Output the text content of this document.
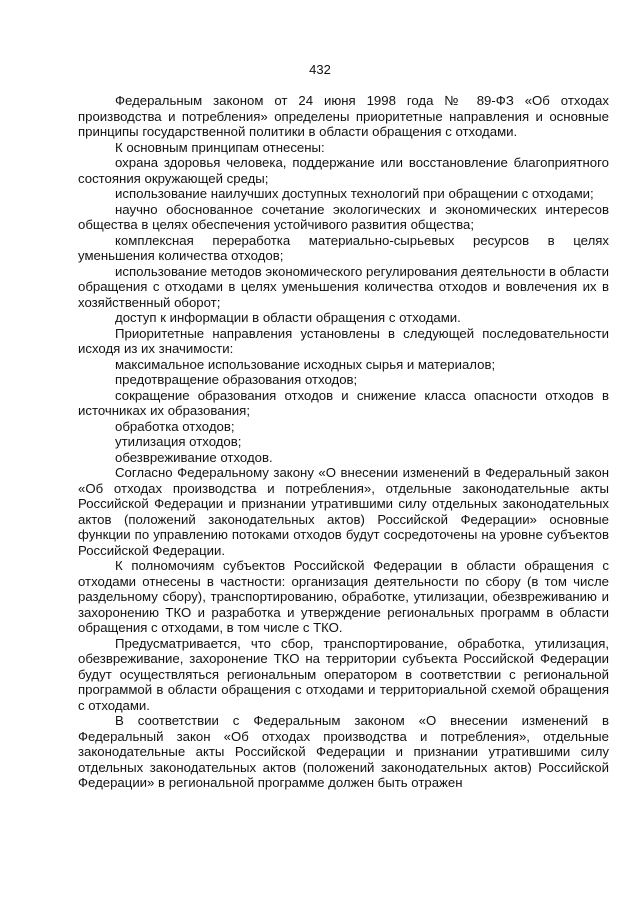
432

Федеральным законом от 24 июня 1998 года № 89-ФЗ «Об отходах производства и потребления» определены приоритетные направления и основные принципы государственной политики в области обращения с отходами.

К основным принципам отнесены:

охрана здоровья человека, поддержание или восстановление благоприятного состояния окружающей среды;

использование наилучших доступных технологий при обращении с отходами;

научно обоснованное сочетание экологических и экономических интересов общества в целях обеспечения устойчивого развития общества;

комплексная переработка материально-сырьевых ресурсов в целях уменьшения количества отходов;

использование методов экономического регулирования деятельности в области обращения с отходами в целях уменьшения количества отходов и вовлечения их в хозяйственный оборот;

доступ к информации в области обращения с отходами.

Приоритетные направления установлены в следующей последовательности исходя из их значимости:

максимальное использование исходных сырья и материалов;

предотвращение образования отходов;

сокращение образования отходов и снижение класса опасности отходов в источниках их образования;

обработка отходов;

утилизация отходов;

обезвреживание отходов.

Согласно Федеральному закону «О внесении изменений в Федеральный закон «Об отходах производства и потребления», отдельные законодательные акты Российской Федерации и признании утратившими силу отдельных законодательных актов (положений законодательных актов) Российской Федерации» основные функции по управлению потоками отходов будут сосредоточены на уровне субъектов Российской Федерации.

К полномочиям субъектов Российской Федерации в области обращения с отходами отнесены в частности: организация деятельности по сбору (в том числе раздельному сбору), транспортированию, обработке, утилизации, обезвреживанию и захоронению ТКО и разработка и утверждение региональных программ в области обращения с отходами, в том числе с ТКО.

Предусматривается, что сбор, транспортирование, обработка, утилизация, обезвреживание, захоронение ТКО на территории субъекта Российской Федерации будут осуществляться региональным оператором в соответствии с региональной программой в области обращения с отходами и территориальной схемой обращения с отходами.

В соответствии с Федеральным законом «О внесении изменений в Федеральный закон «Об отходах производства и потребления», отдельные законодательные акты Российской Федерации и признании утратившими силу отдельных законодательных актов (положений законодательных актов) Российской Федерации» в региональной программе должен быть отражен
